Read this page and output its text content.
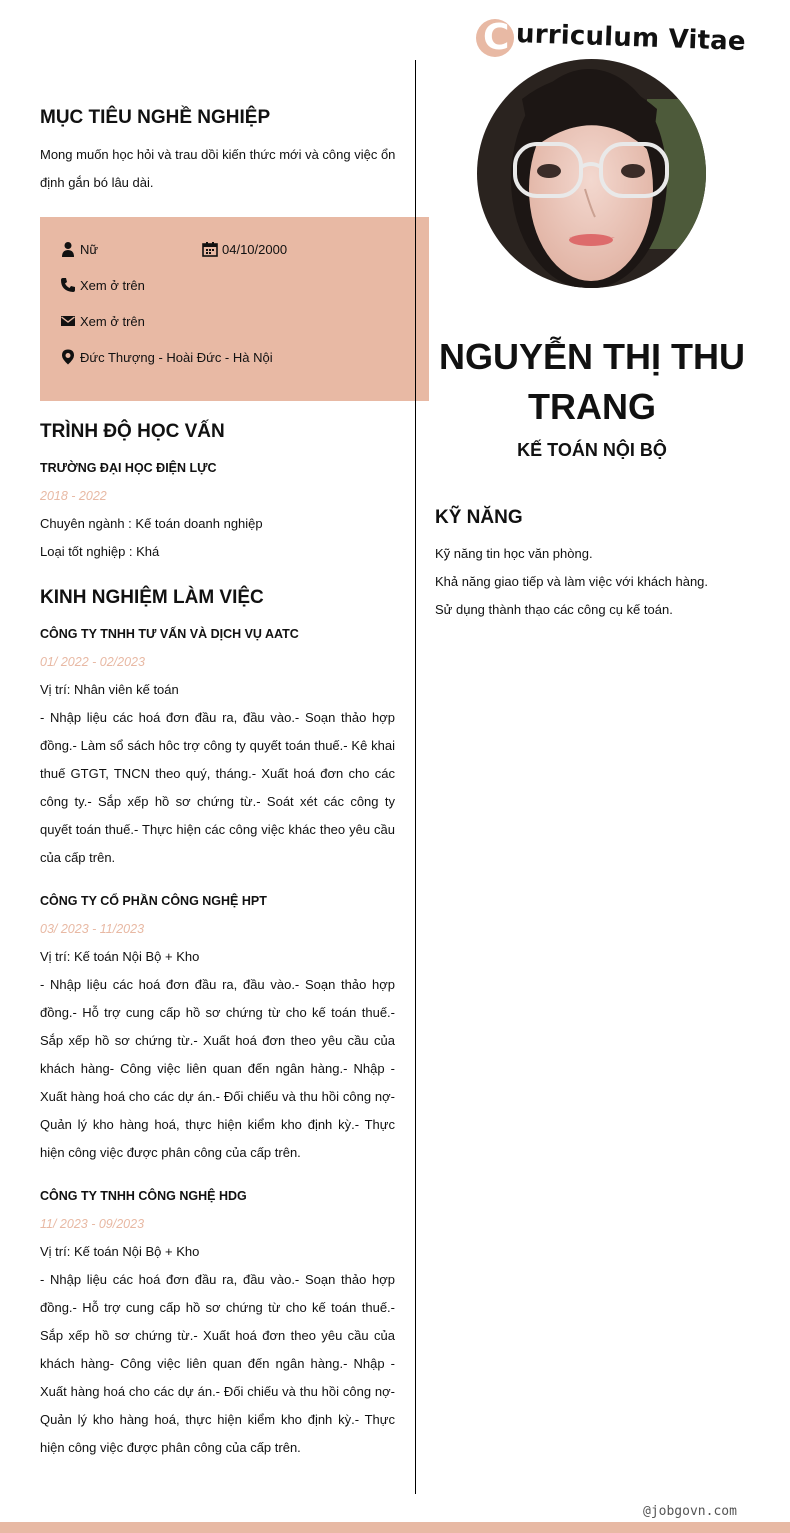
C urriculum Vitae
NGUYỄN THỊ THU TRANG
KẾ TOÁN NỘI BỘ
MỤC TIÊU NGHỀ NGHIỆP
Mong muốn học hỏi và trau dồi kiến thức mới và công việc ổn định gắn bó lâu dài.
Nữ	04/10/2000
Xem ở trên
Xem ở trên
Đức Thượng - Hoài Đức - Hà Nội
TRÌNH ĐỘ HỌC VẤN
TRƯỜNG ĐẠI HỌC ĐIỆN LỰC
2018 - 2022
Chuyên ngành : Kế toán doanh nghiệp
Loại tốt nghiệp : Khá
KINH NGHIỆM LÀM VIỆC
CÔNG TY TNHH TƯ VẤN VÀ DỊCH VỤ AATC
01/ 2022 - 02/2023
Vị trí: Nhân viên kế toán
- Nhập liệu các hoá đơn đầu ra, đầu vào.- Soạn thảo hợp đồng.- Làm sổ sách hôc trợ công ty quyết toán thuế.- Kê khai thuế GTGT, TNCN theo quý, tháng.- Xuất hoá đơn cho các công ty.- Sắp xếp hồ sơ chứng từ.- Soát xét các công ty quyết toán thuế.- Thực hiện các công việc khác theo yêu cầu của cấp trên.
CÔNG TY CỔ PHẦN CÔNG NGHỆ HPT
03/ 2023 - 11/2023
Vị trí: Kế toán Nội Bộ + Kho
- Nhập liệu các hoá đơn đầu ra, đầu vào.- Soạn thảo hợp đồng.- Hỗ trợ cung cấp hồ sơ chứng từ cho kế toán thuế.- Sắp xếp hồ sơ chứng từ.- Xuất hoá đơn theo yêu cầu của khách hàng- Công việc liên quan đến ngân hàng.- Nhập - Xuất hàng hoá cho các dự án.- Đối chiếu và thu hồi công nợ- Quản lý kho hàng hoá, thực hiện kiểm kho định kỳ.- Thực hiện công việc được phân công của cấp trên.
CÔNG TY TNHH CÔNG NGHỆ HDG
11/ 2023 - 09/2023
Vị trí: Kế toán Nội Bộ + Kho
- Nhập liệu các hoá đơn đầu ra, đầu vào.- Soạn thảo hợp đồng.- Hỗ trợ cung cấp hồ sơ chứng từ cho kế toán thuế.- Sắp xếp hồ sơ chứng từ.- Xuất hoá đơn theo yêu cầu của khách hàng- Công việc liên quan đến ngân hàng.- Nhập - Xuất hàng hoá cho các dự án.- Đối chiếu và thu hồi công nợ- Quản lý kho hàng hoá, thực hiện kiểm kho định kỳ.- Thực hiện công việc được phân công của cấp trên.
KỸ NĂNG
Kỹ năng tin học văn phòng.
Khả năng giao tiếp và làm việc với khách hàng.
Sử dụng thành thạo các công cụ kế toán.
@jobgovn.com
